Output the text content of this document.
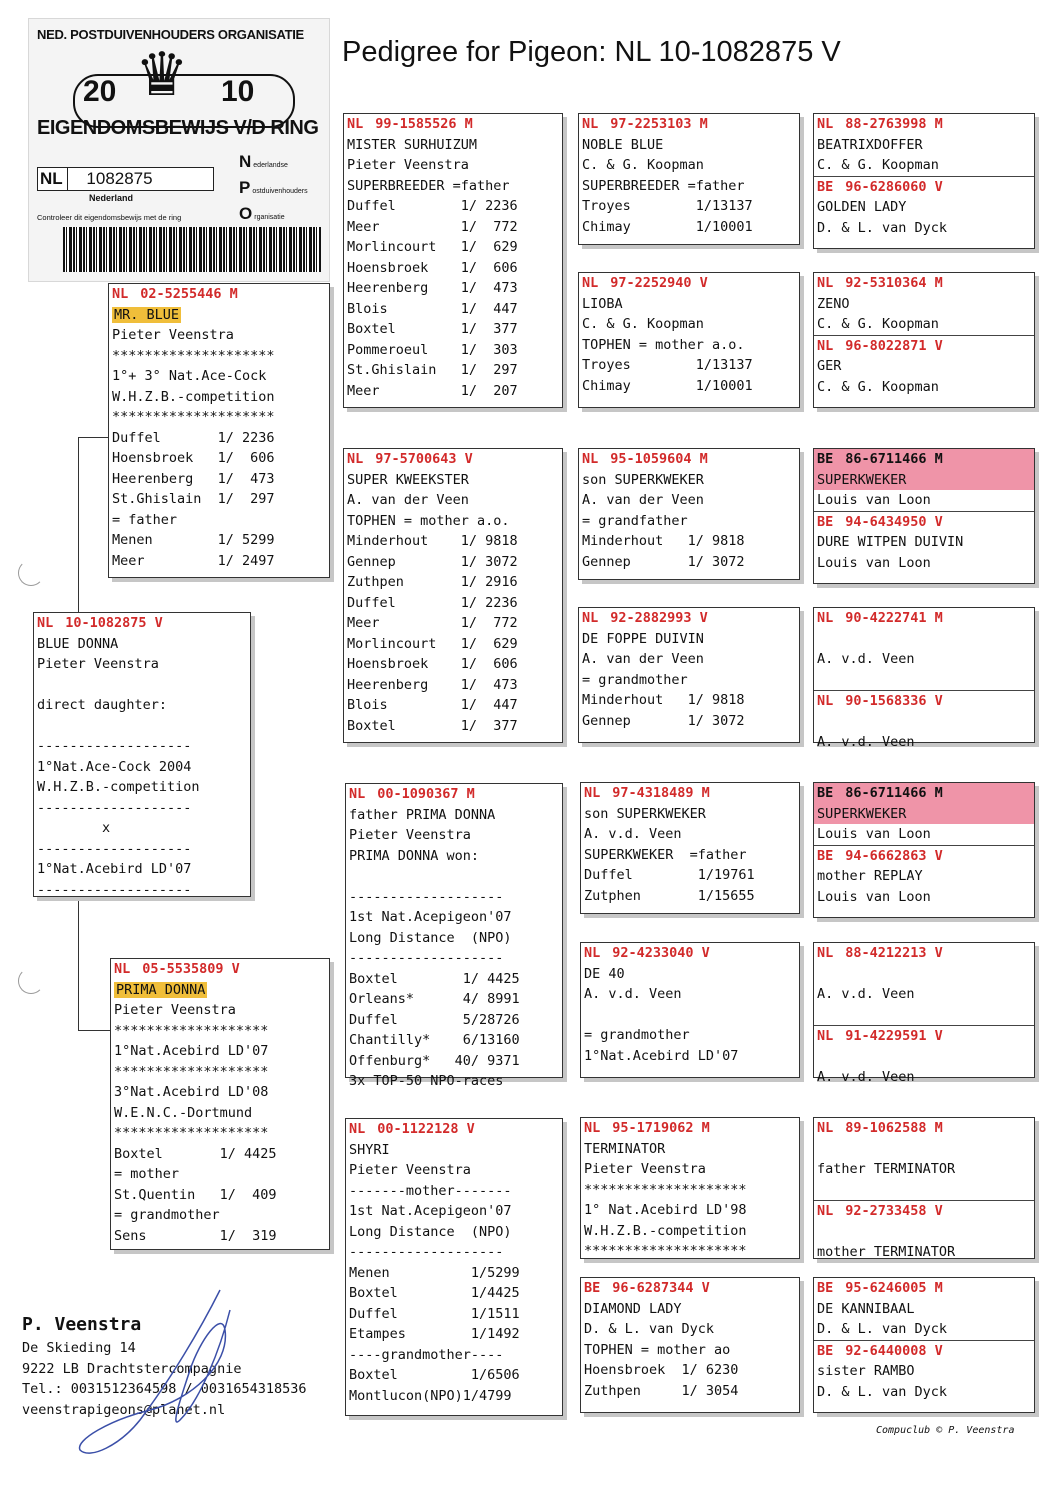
Pedigree for Pigeon: NL 10-1082875 V
NED. POSTDUIVENHOUDERS ORGANISATIE
20 ♛ 10
EIGENDOMSBEWIJS V/D RING
NL 1082875
Nederland
Controleer dit eigendomsbewijs met de ring
Nederlandse
Postduivenhouders
Organisatie
NL 02-5255446 M
MR. BLUE
Pieter Veenstra
********************
1°+ 3° Nat.Ace-Cock
W.H.Z.B.-competition
********************
Duffel       1/ 2236
Hoensbroek   1/  606
Heerenberg   1/  473
St.Ghislain  1/  297
= father
Menen        1/ 5299
Meer         1/ 2497
NL 10-1082875 V
BLUE DONNA
Pieter Veenstra
direct daughter:
-------------------
1°Nat.Ace-Cock 2004
W.H.Z.B.-competition
-------------------
x
-------------------
1°Nat.Acebird LD'07
-------------------
NL 05-5535809 V
PRIMA DONNA
Pieter Veenstra
*******************
1°Nat.Acebird LD'07
*******************
3°Nat.Acebird LD'08
W.E.N.C.-Dortmund
*******************
Boxtel       1/ 4425
= mother
St.Quentin   1/  409
= grandmother
Sens         1/  319
NL 99-1585526 M
MISTER SURHUIZUM
Pieter Veenstra
SUPERBREEDER =father
Duffel        1/ 2236
Meer          1/  772
Morlincourt   1/  629
Hoensbroek    1/  606
Heerenberg    1/  473
Blois         1/  447
Boxtel        1/  377
Pommeroeul    1/  303
St.Ghislain   1/  297
Meer          1/  207
NL 97-5700643 V
SUPER KWEEKSTER
A. van der Veen
TOPHEN = mother a.o.
Minderhout    1/ 9818
Gennep        1/ 3072
Zuthpen       1/ 2916
Duffel        1/ 2236
Meer          1/  772
Morlincourt   1/  629
Hoensbroek    1/  606
Heerenberg    1/  473
Blois         1/  447
Boxtel        1/  377
NL 00-1090367 M
father PRIMA DONNA
Pieter Veenstra
PRIMA DONNA won:
-------------------
1st Nat.Acepigeon'07
Long Distance  (NPO)
-------------------
Boxtel        1/ 4425
Orleans*      4/ 8991
Duffel        5/28726
Chantilly*    6/13160
Offenburg*   40/ 9371
3x TOP-50 NPO-races
NL 00-1122128 V
SHYRI
Pieter Veenstra
-------mother-------
1st Nat.Acepigeon'07
Long Distance  (NPO)
-------------------
Menen          1/5299
Boxtel         1/4425
Duffel         1/1511
Etampes        1/1492
----grandmother----
Boxtel         1/6506
Montlucon(NPO)1/4799
NL 97-2253103 M
NOBLE BLUE
C. & G. Koopman
SUPERBREEDER =father
Troyes        1/13137
Chimay        1/10001
NL 97-2252940 V
LIOBA
C. & G. Koopman
TOPHEN = mother a.o.
Troyes        1/13137
Chimay        1/10001
NL 95-1059604 M
son SUPERKWEKER
A. van der Veen
= grandfather
Minderhout   1/ 9818
Gennep       1/ 3072
NL 92-2882993 V
DE FOPPE DUIVIN
A. van der Veen
= grandmother
Minderhout   1/ 9818
Gennep       1/ 3072
NL 97-4318489 M
son SUPERKWEKER
A. v.d. Veen
SUPERKWEKER  =father
Duffel        1/19761
Zutphen       1/15655
NL 92-4233040 V
DE 40
A. v.d. Veen
= grandmother
1°Nat.Acebird LD'07
NL 95-1719062 M
TERMINATOR
Pieter Veenstra
********************
1° Nat.Acebird LD'98
W.H.Z.B.-competition
********************
BE 96-6287344 V
DIAMOND LADY
D. & L. van Dyck
TOPHEN = mother ao
Hoensbroek  1/ 6230
Zuthpen     1/ 3054
NL 88-2763998 M
BEATRIXDOFFER
C. & G. Koopman
BE 96-6286060 V
GOLDEN LADY
D. & L. van Dyck
NL 92-5310364 M
ZENO
C. & G. Koopman
NL 96-8022871 V
GER
C. & G. Koopman
BE 86-6711466 M
SUPERKWEKER
Louis van Loon
BE 94-6434950 V
DURE WITPEN DUIVIN
Louis van Loon
NL 90-4222741 M
A. v.d. Veen
NL 90-1568336 V
A. v.d. Veen
BE 86-6711466 M
SUPERKWEKER
Louis van Loon
BE 94-6662863 V
mother REPLAY
Louis van Loon
NL 88-4212213 V
A. v.d. Veen
NL 91-4229591 V
A. v.d. Veen
NL 89-1062588 M
father TERMINATOR
NL 92-2733458 V
mother TERMINATOR
BE 95-6246005 M
DE KANNIBAAL
D. & L. van Dyck
BE 92-6440008 V
sister RAMBO
D. & L. van Dyck
P. Veenstra
De Skieding 14
9222 LB Drachtstercompagnie
Tel.: 0031512364598 / 0031654318536
veenstrapigeons@planet.nl
Compuclub © P. Veenstra
